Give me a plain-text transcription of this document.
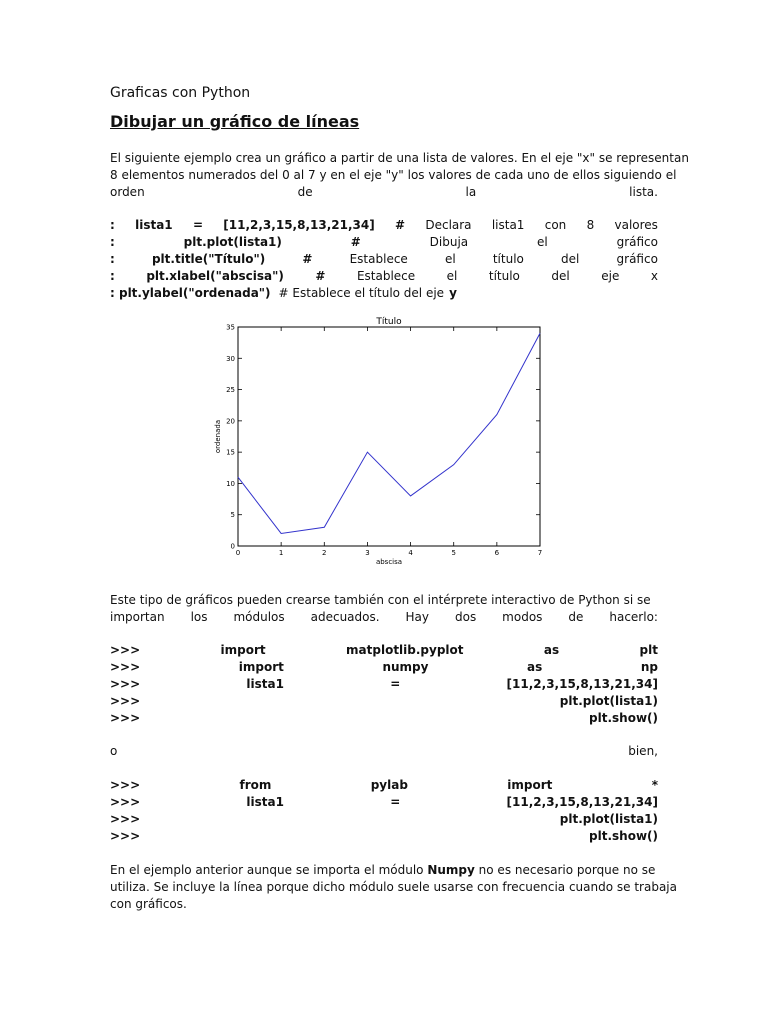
Graficas con Python
Dibujar un gráfico de líneas
El siguiente ejemplo crea un gráfico a partir de una lista de valores. En el eje "x" se representan
8 elementos numerados del 0 al 7 y en el eje "y" los valores de cada uno de ellos siguiendo el
orden	de	la	lista.
: lista1 = [11,2,3,15,8,13,21,34] # Declara lista1 con 8 valores
:	plt.plot(lista1)	#	Dibuja	el	gráfico
:	plt.title("Título")	#	Establece	el	título	del	gráfico
:	plt.xlabel("abscisa")	#	Establece	el	título	del	eje	x
: plt.ylabel("ordenada") # Establece el título del eje y
Este tipo de gráficos pueden crearse también con el intérprete interactivo de Python si se
importan los módulos adecuados. Hay dos modos de hacerlo:
>>>	import	matplotlib.pyplot	as	plt
>>>	import	numpy	as	np
>>>	lista1	=	[11,2,3,15,8,13,21,34]
>>>	plt.plot(lista1)
>>>	plt.show()
o	bien,
>>>	from	pylab	import	*
>>>	lista1	=	[11,2,3,15,8,13,21,34]
>>>	plt.plot(lista1)
>>>	plt.show()
En el ejemplo anterior aunque se importa el módulo Numpy no es necesario porque no se
utiliza. Se incluye la línea porque dicho módulo suele usarse con frecuencia cuando se trabaja
con gráficos.
Título
abscisa
ordenada
0	1	2	3	4	5	6	7
0
5
10
15
20
25
30
35
